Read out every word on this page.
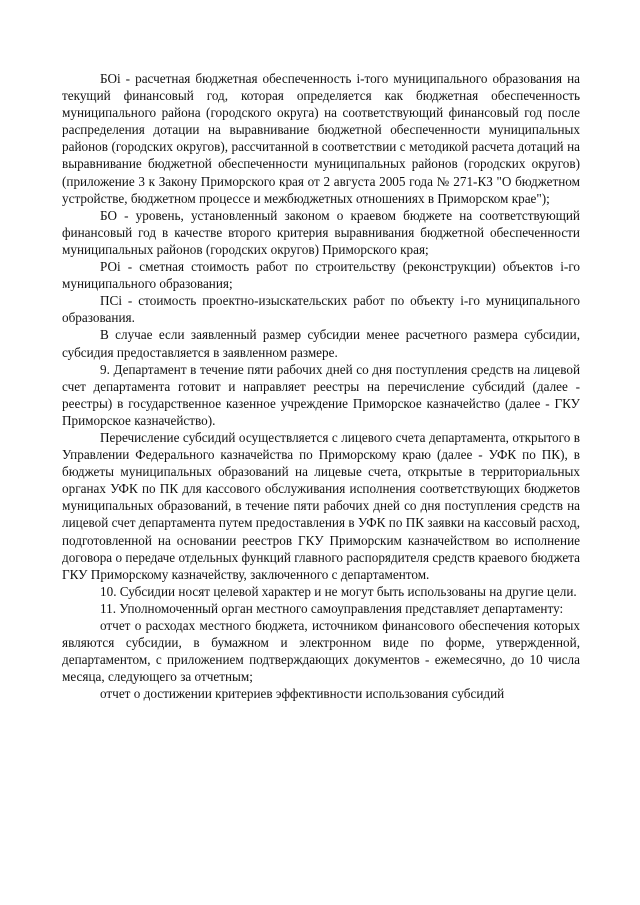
БОi - расчетная бюджетная обеспеченность i-того муниципального образования на текущий финансовый год, которая определяется как бюджетная обеспеченность муниципального района (городского округа) на соответствующий финансовый год после распределения дотации на выравнивание бюджетной обеспеченности муниципальных районов (городских округов), рассчитанной в соответствии с методикой расчета дотаций на выравнивание бюджетной обеспеченности муниципальных районов (городских округов) (приложение 3 к Закону Приморского края от 2 августа 2005 года № 271-КЗ "О бюджетном устройстве, бюджетном процессе и межбюджетных отношениях в Приморском крае");

БО - уровень, установленный законом о краевом бюджете на соответствующий финансовый год в качестве второго критерия выравнивания бюджетной обеспеченности муниципальных районов (городских округов) Приморского края;

РОi - сметная стоимость работ по строительству (реконструкции) объектов i-го муниципального образования;

ПСi - стоимость проектно-изыскательских работ по объекту i-го муниципального образования.

В случае если заявленный размер субсидии менее расчетного размера субсидии, субсидия предоставляется в заявленном размере.

9. Департамент в течение пяти рабочих дней со дня поступления средств на лицевой счет департамента готовит и направляет реестры на перечисление субсидий (далее - реестры) в государственное казенное учреждение Приморское казначейство (далее - ГКУ Приморское казначейство).

Перечисление субсидий осуществляется с лицевого счета департамента, открытого в Управлении Федерального казначейства по Приморскому краю (далее - УФК по ПК), в бюджеты муниципальных образований на лицевые счета, открытые в территориальных органах УФК по ПК для кассового обслуживания исполнения соответствующих бюджетов муниципальных образований, в течение пяти рабочих дней со дня поступления средств на лицевой счет департамента путем предоставления в УФК по ПК заявки на кассовый расход, подготовленной на основании реестров ГКУ Приморским казначейством во исполнение договора о передаче отдельных функций главного распорядителя средств краевого бюджета ГКУ Приморскому казначейству, заключенного с департаментом.

10. Субсидии носят целевой характер и не могут быть использованы на другие цели.

11. Уполномоченный орган местного самоуправления представляет департаменту:

отчет о расходах местного бюджета, источником финансового обеспечения которых являются субсидии, в бумажном и электронном виде по форме, утвержденной, департаментом, с приложением подтверждающих документов - ежемесячно, до 10 числа месяца, следующего за отчетным;

отчет о достижении критериев эффективности использования субсидий
